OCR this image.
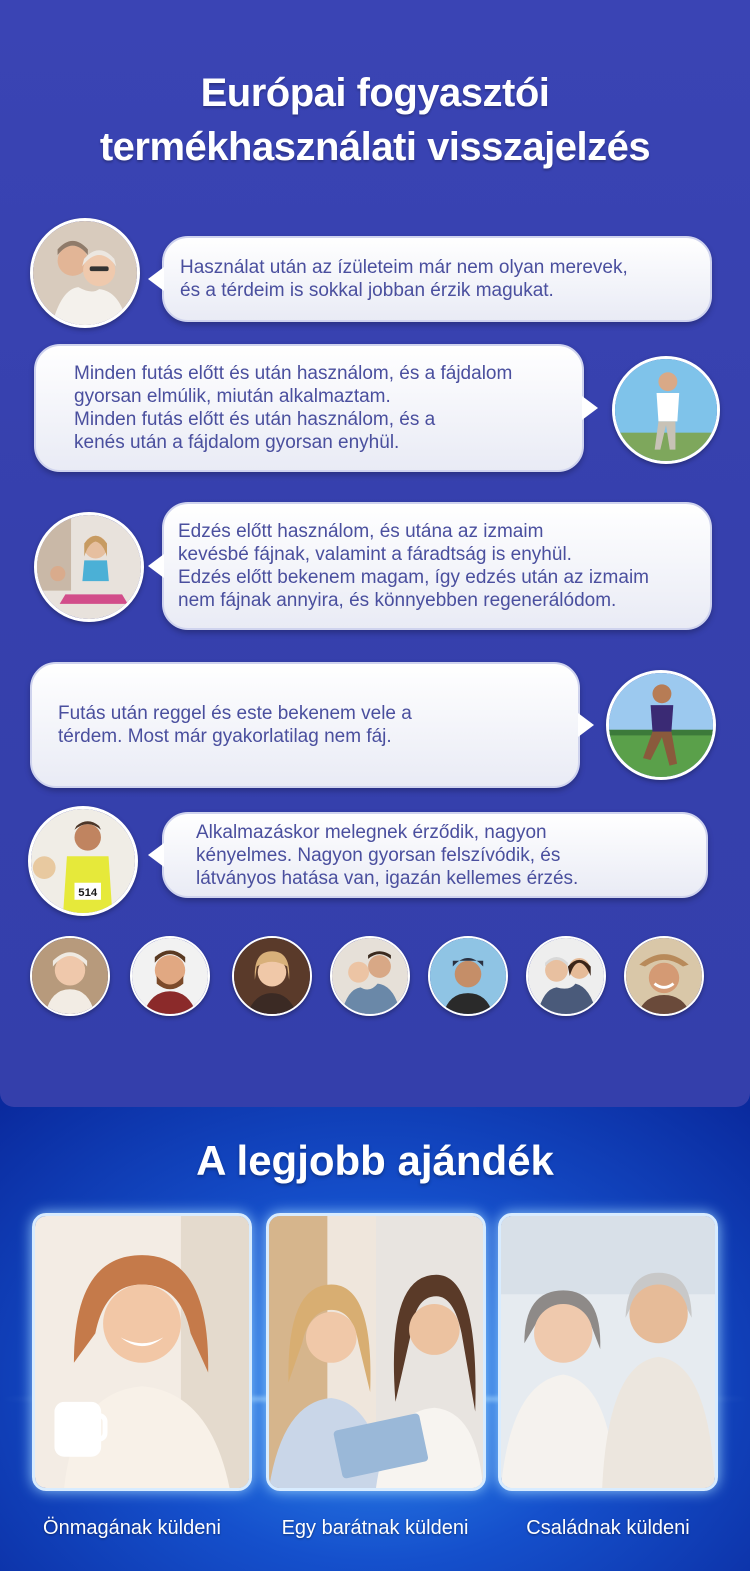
Európai fogyasztói
termékhasználati visszajelzés

Használat után az ízületeim már nem olyan merevek,

és a térdeim is sokkal jobban érzik magukat.

Minden futás előtt és után használom, és a fájdalom

gyorsan elmúlik, miután alkalmaztam.

Minden futás előtt és után használom, és a

kenés után a fájdalom gyorsan enyhül.

Edzés előtt használom, és utána az izmaim

kevésbé fájnak, valamint a fáradtság is enyhül.

Edzés előtt bekenem magam, így edzés után az izmaim

nem fájnak annyira, és könnyebben regenerálódom.

Futás után reggel és este bekenem vele a

térdem. Most már gyakorlatilag nem fáj.

514

Alkalmazáskor melegnek érződik, nagyon

kényelmes. Nagyon gyorsan felszívódik, és

látványos hatása van, igazán kellemes érzés.

A legjobb ajándék
Önmagának küldeni	Egy barátnak küldeni	Családnak küldeni
